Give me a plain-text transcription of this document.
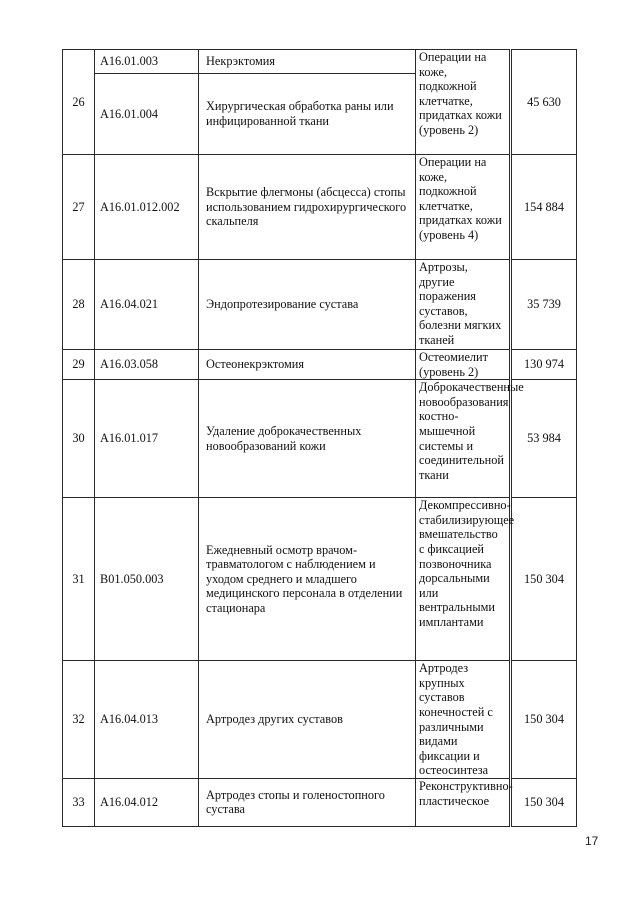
26	A16.01.003	Некрэктомия	Операции на коже, подкожной клетчатке, придатках кожи (уровень 2)	45 630
	A16.01.004	Хирургическая обработка раны или инфицированной ткани		
27	A16.01.012.002	Вскрытие флегмоны (абсцесса) стопы использованием гидрохирургического скальпеля	Операции на коже, подкожной клетчатке, придатках кожи (уровень 4)	154 884
28	A16.04.021	Эндопротезирование сустава	Артрозы, другие поражения суставов, болезни мягких тканей	35 739
29	A16.03.058	Остеонекрэктомия	Остеомиелит (уровень 2)	130 974
30	A16.01.017	Удаление доброкачественных новообразований кожи	Доброкачественные новообразования костно-мышечной системы и соединительной ткани	53 984
31	B01.050.003	Ежедневный осмотр врачом-травматологом с наблюдением и уходом среднего и младшего медицинского персонала в отделении стационара	Декомпрессивно-стабилизирующее вмешательство с фиксацией позвоночника дорсальными или вентральными имплантами	150 304
32	A16.04.013	Артродез других суставов	Артродез крупных суставов конечностей с различными видами фиксации и остеосинтеза	150 304
33	A16.04.012	Артродез стопы и голеностопного сустава	Реконструктивно-пластическое	150 304
17
